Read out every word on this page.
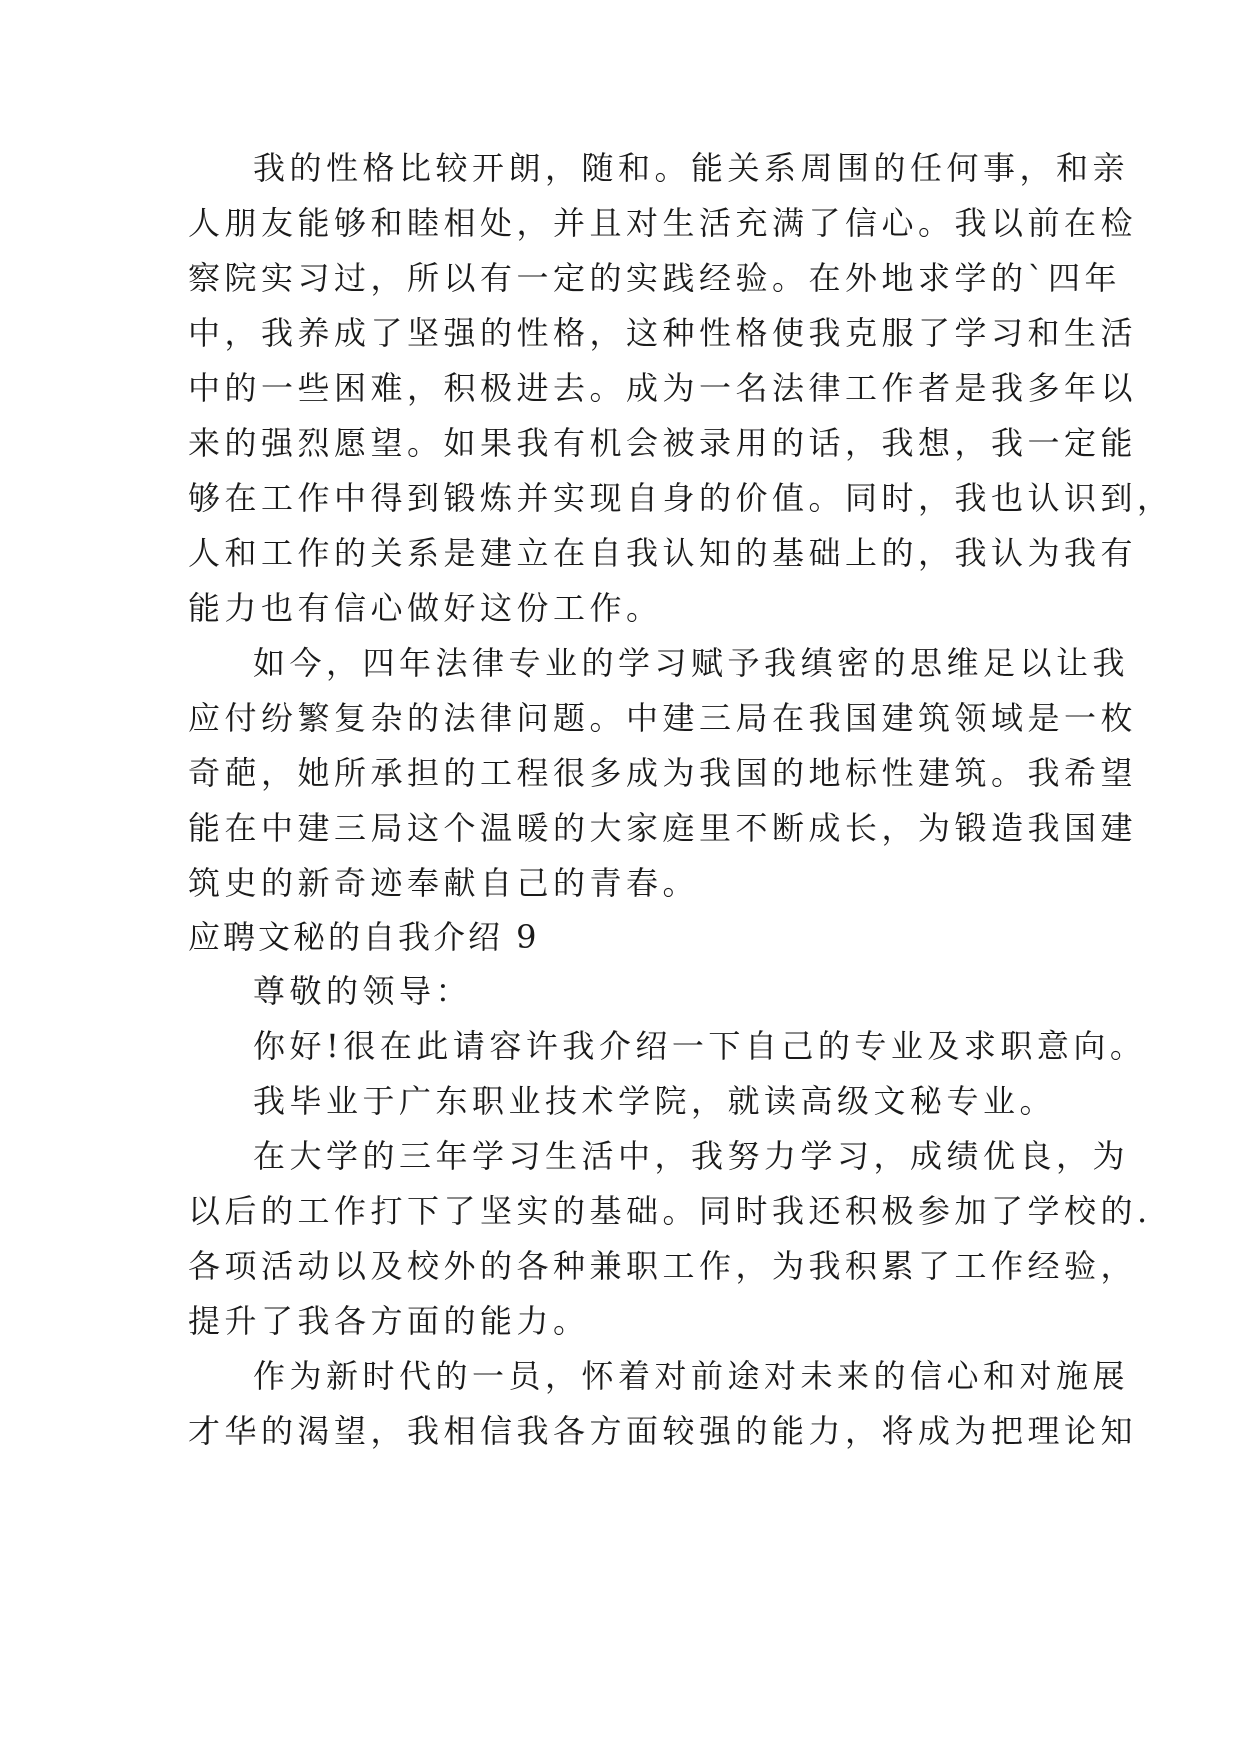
我的性格比较开朗，随和。能关系周围的任何事，和亲
人朋友能够和睦相处，并且对生活充满了信心。我以前在检
察院实习过，所以有一定的实践经验。在外地求学的`四年
中，我养成了坚强的性格，这种性格使我克服了学习和生活
中的一些困难，积极进去。成为一名法律工作者是我多年以
来的强烈愿望。如果我有机会被录用的话，我想，我一定能
够在工作中得到锻炼并实现自身的价值。同时，我也认识到，
人和工作的关系是建立在自我认知的基础上的，我认为我有
能力也有信心做好这份工作。
如今，四年法律专业的学习赋予我缜密的思维足以让我
应付纷繁复杂的法律问题。中建三局在我国建筑领域是一枚
奇葩，她所承担的工程很多成为我国的地标性建筑。我希望
能在中建三局这个温暖的大家庭里不断成长，为锻造我国建
筑史的新奇迹奉献自己的青春。
应聘文秘的自我介绍 9
尊敬的领导：
你好!很在此请容许我介绍一下自己的专业及求职意向。
我毕业于广东职业技术学院，就读高级文秘专业。
在大学的三年学习生活中，我努力学习，成绩优良，为
以后的工作打下了坚实的基础。同时我还积极参加了学校的.
各项活动以及校外的各种兼职工作，为我积累了工作经验，
提升了我各方面的能力。
作为新时代的一员，怀着对前途对未来的信心和对施展
才华的渴望，我相信我各方面较强的能力，将成为把理论知
